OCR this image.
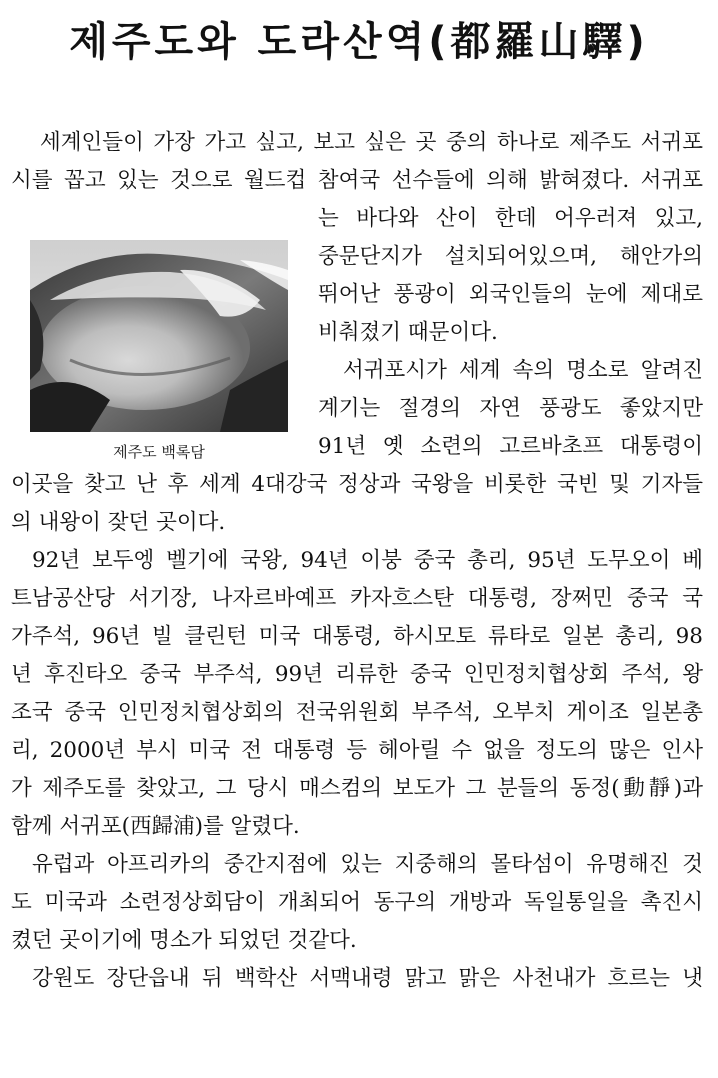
제주도와 도라산역(都羅山驛)
제주도 백록담
세계인들이 가장 가고 싶고, 보고 싶은 곳 중의 하나로 제주도 서귀포
시를 꼽고 있는 것으로 월드컵 참여국 선수들에 의해 밝혀졌다. 서귀포
는 바다와 산이 한데 어우러져 있고,
중문단지가 설치되어있으며, 해안가의
뛰어난 풍광이 외국인들의 눈에 제대로
비춰졌기 때문이다.
서귀포시가 세계 속의 명소로 알려진
계기는 절경의 자연 풍광도 좋았지만
91년 옛 소련의 고르바초프 대통령이
이곳을 찾고 난 후 세계 4대강국 정상과 국왕을 비롯한 국빈 및 기자들
의 내왕이 잦던 곳이다.
92년 보두엥 벨기에 국왕, 94년 이붕 중국 총리, 95년 도무오이 베
트남공산당 서기장, 나자르바예프 카자흐스탄 대통령, 장쩌민 중국 국
가주석, 96년 빌 클린턴 미국 대통령, 하시모토 류타로 일본 총리, 98
년 후진타오 중국 부주석, 99년 리류한 중국 인민정치협상회 주석, 왕
조국 중국 인민정치협상회의 전국위원회 부주석, 오부치 게이조 일본총
리, 2000년 부시 미국 전 대통령 등 헤아릴 수 없을 정도의 많은 인사
가 제주도를 찾았고, 그 당시 매스컴의 보도가 그 분들의 동정(動靜)과
함께 서귀포(西歸浦)를 알렸다.
유럽과 아프리카의 중간지점에 있는 지중해의 몰타섬이 유명해진 것
도 미국과 소련정상회담이 개최되어 동구의 개방과 독일통일을 촉진시
켰던 곳이기에 명소가 되었던 것같다.
강원도 장단읍내 뒤 백학산 서맥내령 맑고 맑은 사천내가 흐르는 냇
